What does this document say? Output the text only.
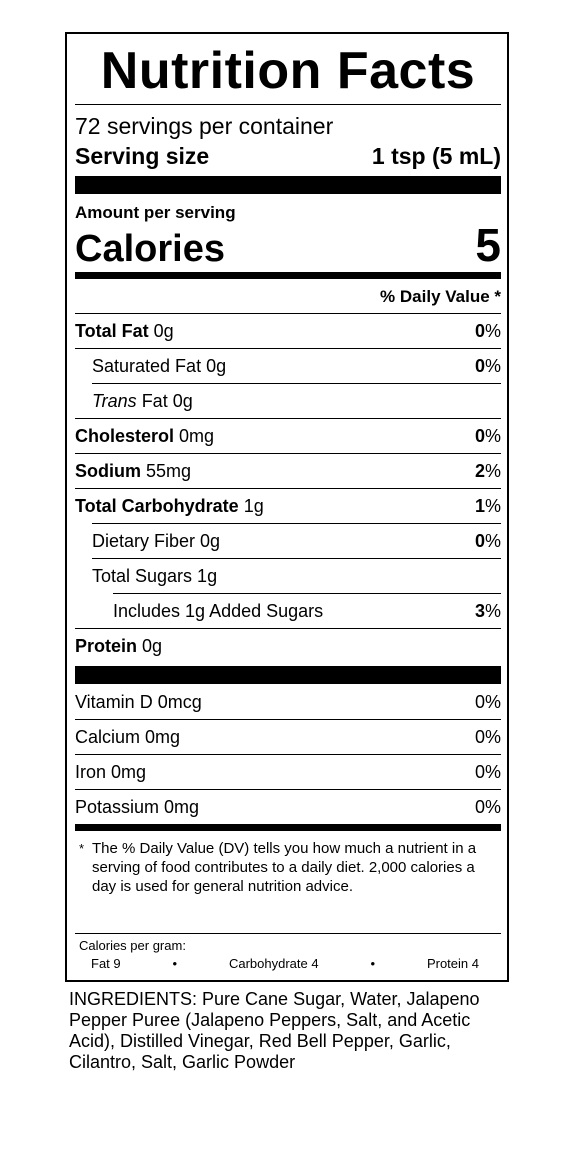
Nutrition Facts
72 servings per container
Serving size	1 tsp (5 mL)
Amount per serving
Calories	5
% Daily Value *
Total Fat 0g	0%
Saturated Fat 0g	0%
Trans Fat 0g
Cholesterol 0mg	0%
Sodium 55mg	2%
Total Carbohydrate 1g	1%
Dietary Fiber 0g	0%
Total Sugars 1g
Includes 1g Added Sugars	3%
Protein 0g
Vitamin D 0mcg	0%
Calcium 0mg	0%
Iron 0mg	0%
Potassium 0mg	0%
* The % Daily Value (DV) tells you how much a nutrient in a serving of food contributes to a daily diet. 2,000 calories a day is used for general nutrition advice.
Calories per gram:
Fat 9	•	Carbohydrate 4	•	Protein 4
INGREDIENTS: Pure Cane Sugar, Water, Jalapeno Pepper Puree (Jalapeno Peppers, Salt, and Acetic Acid), Distilled Vinegar, Red Bell Pepper, Garlic, Cilantro, Salt, Garlic Powder
